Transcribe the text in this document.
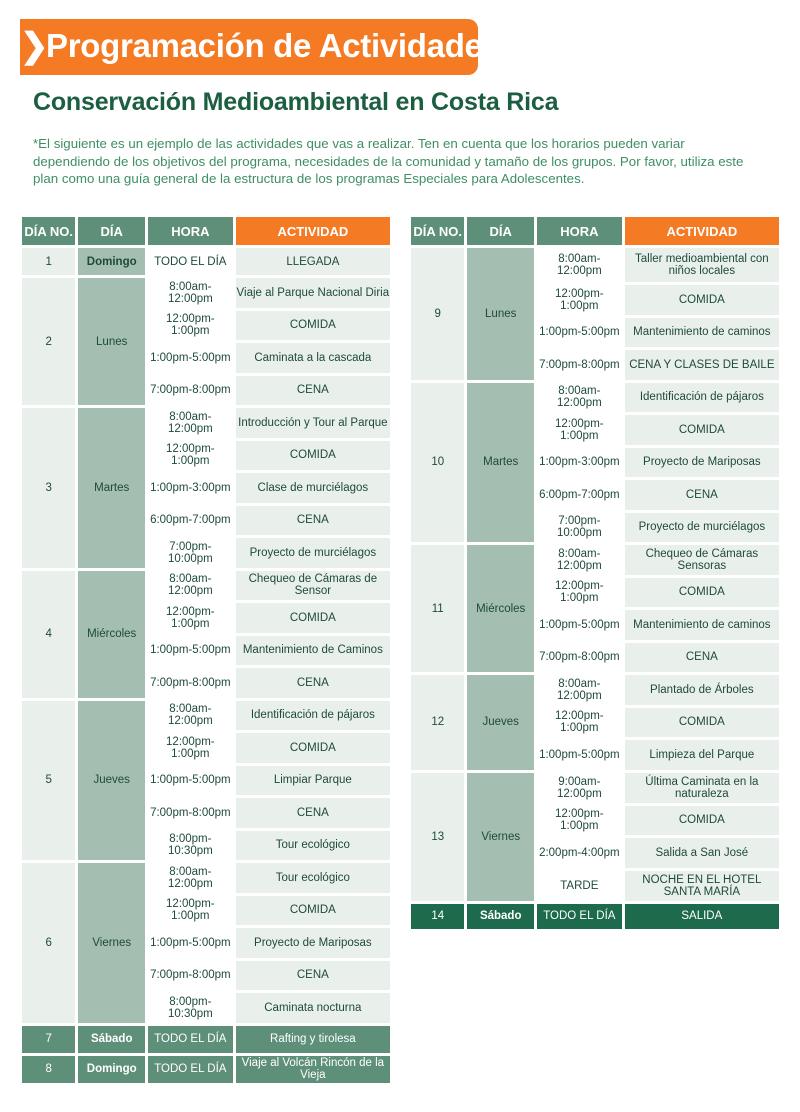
❯
Programación de Actividades
Conservación Medioambiental en Costa Rica
*El siguiente es un ejemplo de las actividades que vas a realizar. Ten en cuenta que los horarios pueden variar dependiendo de los objetivos del programa, necesidades de la comunidad y tamaño de los grupos. Por favor, utiliza este plan como una guía general de la estructura de los programas Especiales para Adolescentes.
DÍA NO.	DÍA	HORA	ACTIVIDAD
1	Domingo	TODO EL DÍA	LLEGADA
2	Lunes	8:00am-12:00pm	Viaje al Parque Nacional Diria
		12:00pm-1:00pm	COMIDA
		1:00pm-5:00pm	Caminata a la cascada
		7:00pm-8:00pm	CENA
3	Martes	8:00am-12:00pm	Introducción y Tour al Parque
		12:00pm-1:00pm	COMIDA
		1:00pm-3:00pm	Clase de murciélagos
		6:00pm-7:00pm	CENA
		7:00pm-10:00pm	Proyecto de murciélagos
4	Miércoles	8:00am-12:00pm	Chequeo de Cámaras de Sensor
		12:00pm-1:00pm	COMIDA
		1:00pm-5:00pm	Mantenimiento de Caminos
		7:00pm-8:00pm	CENA
5	Jueves	8:00am-12:00pm	Identificación de pájaros
		12:00pm-1:00pm	COMIDA
		1:00pm-5:00pm	Limpiar Parque
		7:00pm-8:00pm	CENA
		8:00pm-10:30pm	Tour ecológico
6	Viernes	8:00am-12:00pm	Tour ecológico
		12:00pm-1:00pm	COMIDA
		1:00pm-5:00pm	Proyecto de Mariposas
		7:00pm-8:00pm	CENA
		8:00pm-10:30pm	Caminata nocturna
7	Sábado	TODO EL DÍA	Rafting y tirolesa
8	Domingo	TODO EL DÍA	Viaje al Volcán Rincón de la Vieja
DÍA NO.	DÍA	HORA	ACTIVIDAD
9	Lunes	8:00am-12:00pm	Taller medioambiental con niños locales
		12:00pm-1:00pm	COMIDA
		1:00pm-5:00pm	Mantenimiento de caminos
		7:00pm-8:00pm	CENA Y CLASES DE BAILE
10	Martes	8:00am-12:00pm	Identificación de pájaros
		12:00pm-1:00pm	COMIDA
		1:00pm-3:00pm	Proyecto de Mariposas
		6:00pm-7:00pm	CENA
		7:00pm-10:00pm	Proyecto de murciélagos
11	Miércoles	8:00am-12:00pm	Chequeo de Cámaras Sensoras
		12:00pm-1:00pm	COMIDA
		1:00pm-5:00pm	Mantenimiento de caminos
		7:00pm-8:00pm	CENA
12	Jueves	8:00am-12:00pm	Plantado de Árboles
		12:00pm-1:00pm	COMIDA
		1:00pm-5:00pm	Limpieza del Parque
13	Viernes	9:00am-12:00pm	Última Caminata en la naturaleza
		12:00pm-1:00pm	COMIDA
		2:00pm-4:00pm	Salida a San José
		TARDE	NOCHE EN EL HOTEL SANTA MARÍA
14	Sábado	TODO EL DÍA	SALIDA
